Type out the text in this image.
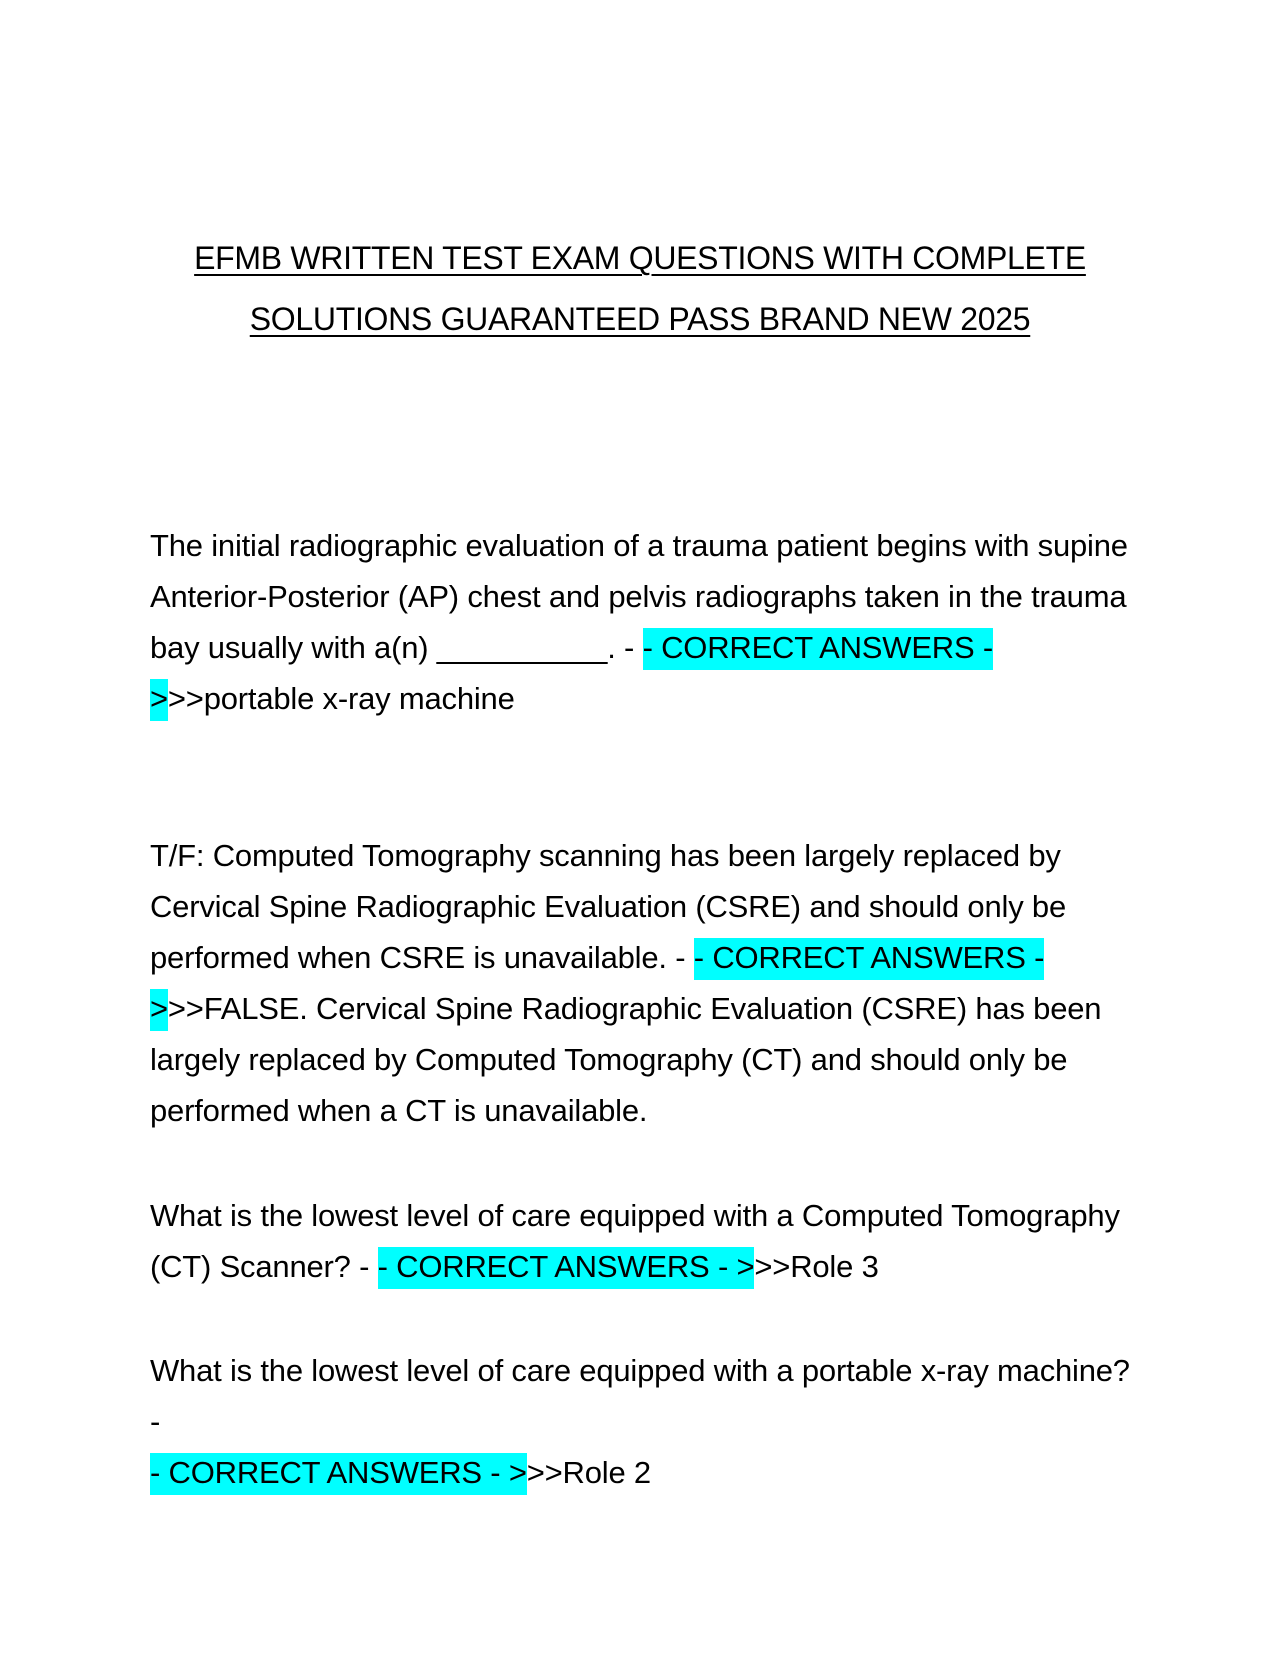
EFMB WRITTEN TEST EXAM QUESTIONS WITH COMPLETE
SOLUTIONS GUARANTEED PASS BRAND NEW 2025
The initial radiographic evaluation of a trauma patient begins with supine Anterior-Posterior (AP) chest and pelvis radiographs taken in the trauma bay usually with a(n) __________. - - CORRECT ANSWERS - >>>portable x-ray machine
T/F: Computed Tomography scanning has been largely replaced by Cervical Spine Radiographic Evaluation (CSRE) and should only be performed when CSRE is unavailable. - - CORRECT ANSWERS - >>>FALSE. Cervical Spine Radiographic Evaluation (CSRE) has been largely replaced by Computed Tomography (CT) and should only be performed when a CT is unavailable.
What is the lowest level of care equipped with a Computed Tomography (CT) Scanner? - - CORRECT ANSWERS - >>>Role 3
What is the lowest level of care equipped with a portable x-ray machine? -
- CORRECT ANSWERS - >>>Role 2
